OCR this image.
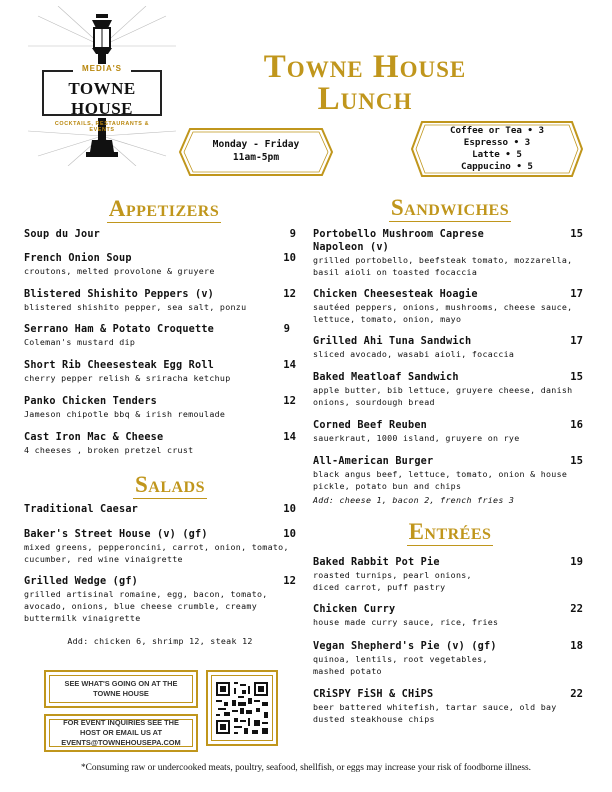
MEDIA'S
TOWNE HOUSE
COCKTAILS, RESTAURANTS & EVENTS
Towne House
Lunch
Monday - Friday
11am-5pm
Coffee or Tea • 3
Espresso • 3
Latte • 5
Cappucino • 5
Appetizers	Sandwiches
Salads
Entrées
Soup du Jour	9
French Onion Soup	10
croutons, melted provolone & gruyere
Blistered Shishito Peppers (v)	12
blistered shishito pepper, sea salt, ponzu
Serrano Ham & Potato Croquette	9
Coleman's mustard dip
Short Rib Cheesesteak Egg Roll	14
cherry pepper relish & sriracha ketchup
Panko Chicken Tenders	12
Jameson chipotle bbq & irish remoulade
Cast Iron Mac & Cheese	14
4 cheeses , broken pretzel crust
Traditional Caesar	10
Baker's Street House (v) (gf)	10
mixed greens, pepperoncini, carrot, onion, tomato, cucumber, red wine vinaigrette
Grilled Wedge (gf)	12
grilled artisinal romaine, egg, bacon, tomato, avocado, onions, blue cheese crumble, creamy buttermilk vinaigrette
Add: chicken 6, shrimp 12, steak 12
Portobello Mushroom Caprese Napoleon (v)
15
grilled portobello, beefsteak tomato, mozzarella, basil aioli on toasted focaccia
Chicken Cheesesteak Hoagie	17
sautéed peppers, onions, mushrooms, cheese sauce, lettuce, tomato, onion, mayo
Grilled Ahi Tuna Sandwich	17
sliced avocado, wasabi aioli, focaccia
Baked Meatloaf Sandwich	15
apple butter, bib lettuce, gruyere cheese, danish onions, sourdough bread
Corned Beef Reuben	16
sauerkraut, 1000 island, gruyere on rye
All-American Burger	15
black angus beef, lettuce, tomato, onion & house pickle, potato bun and chips
Add: cheese 1, bacon 2, french fries 3
Baked Rabbit Pot Pie	19
roasted turnips, pearl onions, diced carrot, puff pastry
Chicken Curry	22
house made curry sauce, rice, fries
Vegan Shepherd's Pie (v) (gf)	18
quinoa, lentils, root vegetables, mashed potato
CRiSPY FiSH & CHiPS	22
beer battered whitefish, tartar sauce, old bay dusted steakhouse chips
SEE WHAT'S GOING ON AT THE TOWNE HOUSE
FOR EVENT INQUIRIES SEE THE HOST OR EMAIL US AT EVENTS@TOWNEHOUSEPA.COM
*Consuming raw or undercooked meats, poultry, seafood, shellfish, or eggs may increase your risk of foodborne illness.
